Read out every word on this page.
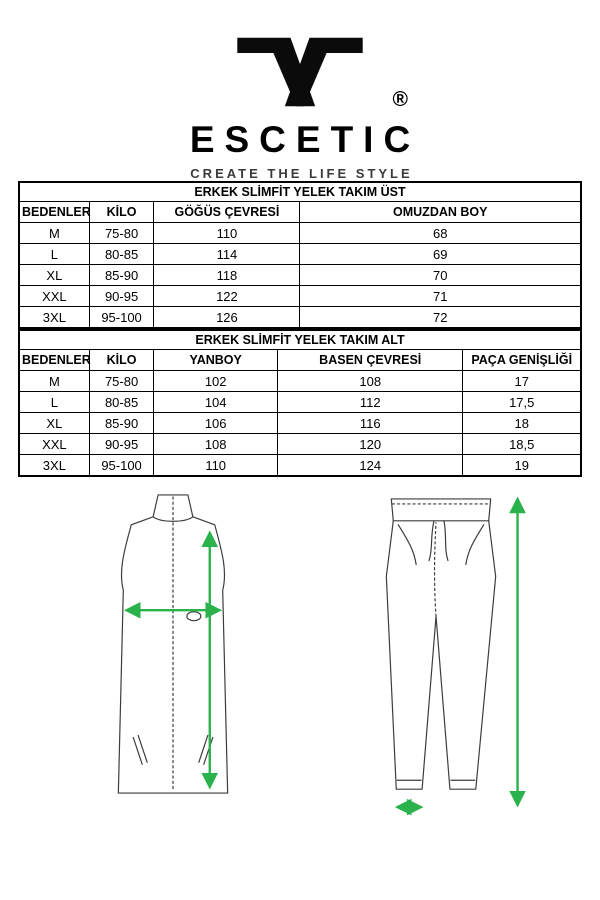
®
ESCETIC
CREATE THE LIFE STYLE
ERKEK SLİMFİT YELEK TAKIM ÜST			
BEDENLER	KİLO	GÖĞÜS ÇEVRESİ	OMUZDAN BOY
M	75-80	110	68
L	80-85	114	69
XL	85-90	118	70
XXL	90-95	122	71
3XL	95-100	126	72
ERKEK SLİMFİT YELEK TAKIM ALT				
BEDENLER	KİLO	YANBOY	BASEN ÇEVRESİ	PAÇA GENİŞLİĞİ
M	75-80	102	108	17
L	80-85	104	112	17,5
XL	85-90	106	116	18
XXL	90-95	108	120	18,5
3XL	95-100	110	124	19
